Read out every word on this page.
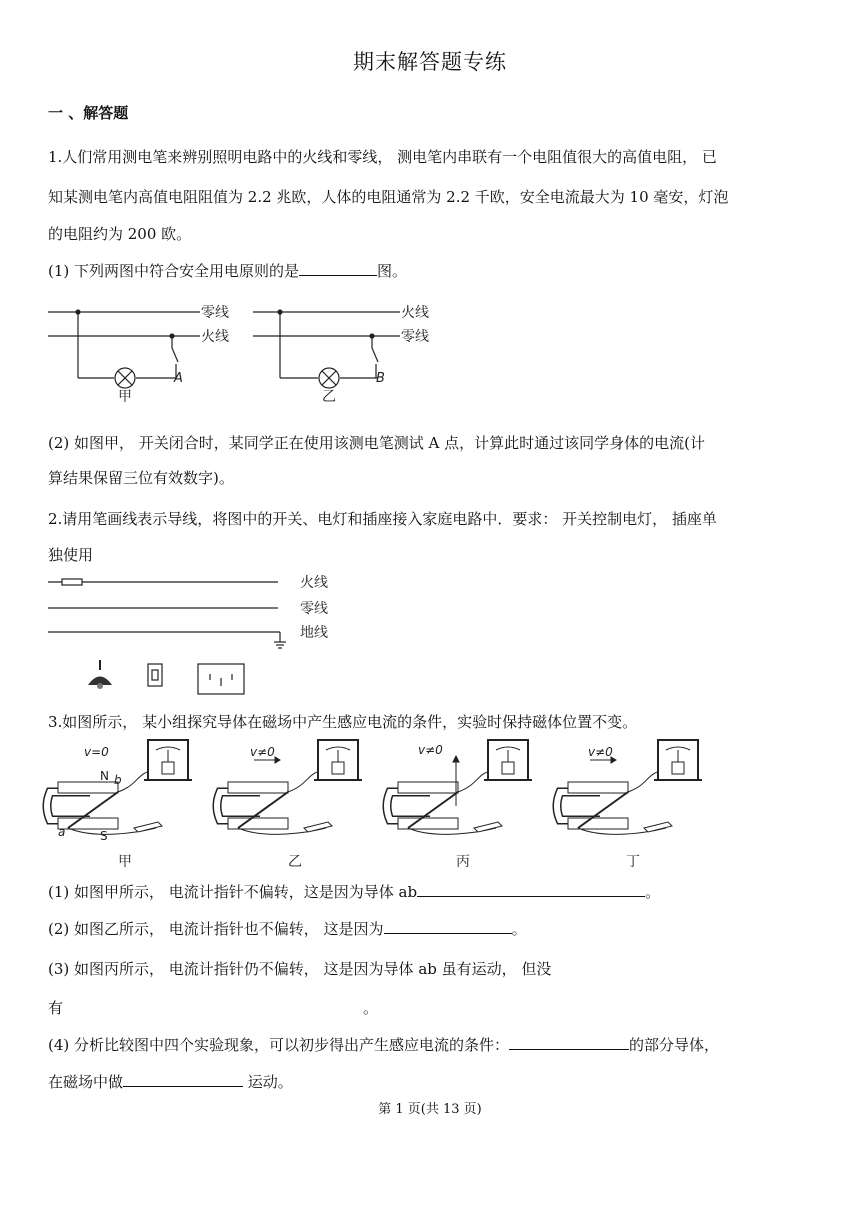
期末解答题专练
一 、解答题
1.人们常用测电笔来辨别照明电路中的火线和零线， 测电笔内串联有一个电阻值很大的高值电阻， 已
知某测电笔内高值电阻阻值为 2.2 兆欧，人体的电阻通常为 2.2 千欧，安全电流最大为 10 毫安，灯泡
的电阻约为 200 欧。
(1) 下列两图中符合安全用电原则的是	图。
零线
火线
A
甲
火线
零线
B
乙
(2) 如图甲， 开关闭合时，某同学正在使用该测电笔测试 A 点，计算此时通过该同学身体的电流(计
算结果保留三位有效数字)。
2.请用笔画线表示导线，将图中的开关、电灯和插座接入家庭电路中．要求： 开关控制电灯， 插座单
独使用
火线
零线
地线
3.如图所示， 某小组探究导体在磁场中产生感应电流的条件，实验时保持磁体位置不变。
v=0	v≠0	v≠0	v≠0
N
S
b
a
甲	乙	丙	丁
(1) 如图甲所示， 电流计指针不偏转，这是因为导体 ab	。
(2) 如图乙所示， 电流计指针也不偏转， 这是因为	。
(3) 如图丙所示， 电流计指针仍不偏转， 这是因为导体 ab 虽有运动， 但没
有	。
(4) 分析比较图中四个实验现象，可以初步得出产生感应电流的条件：	的部分导体，
在磁场中做	运动。
第 1 页(共 13 页)
